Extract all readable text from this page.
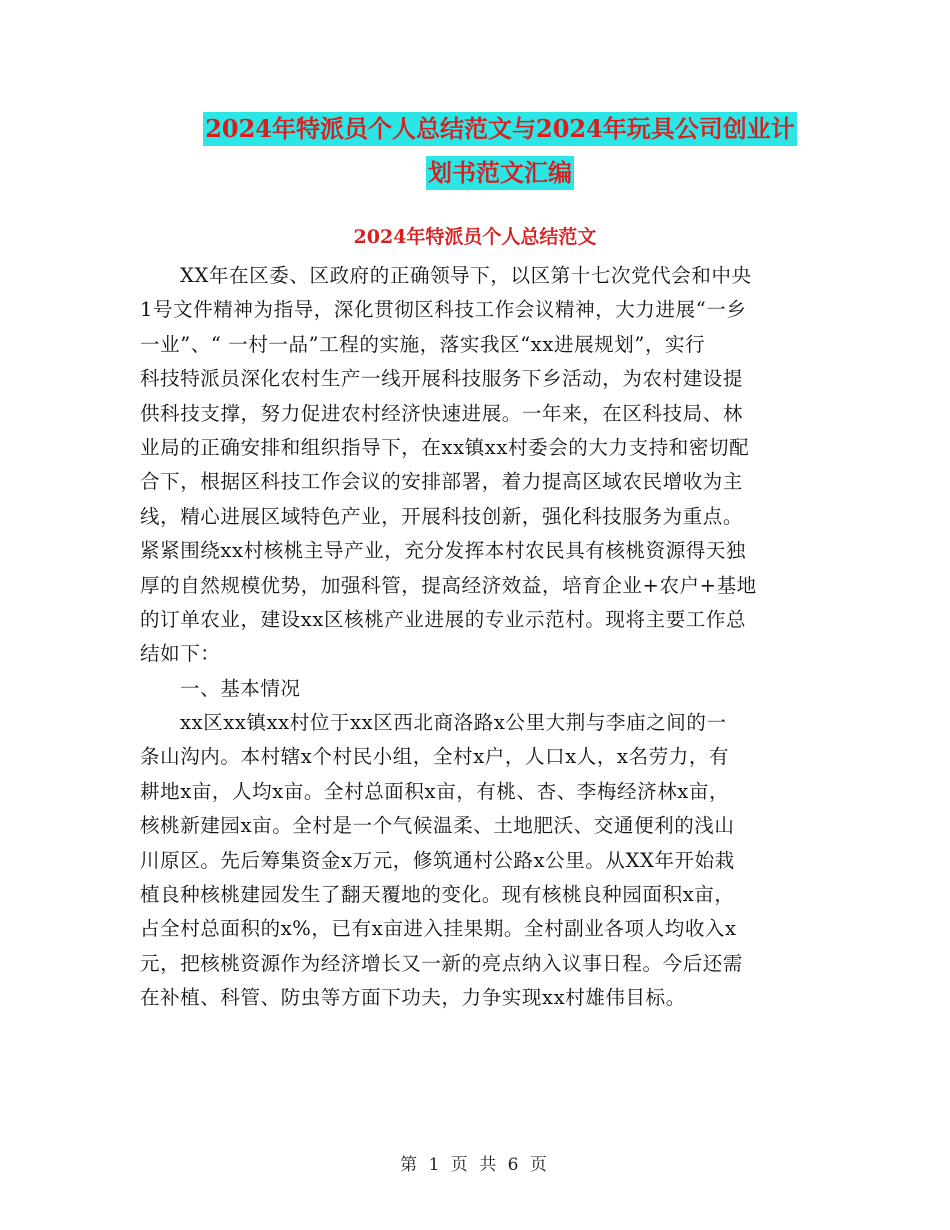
2024年特派员个人总结范文与2024年玩具公司创业计
划书范文汇编
2024年特派员个人总结范文
XX年在区委、区政府的正确领导下，以区第十七次党代会和中央
1号文件精神为指导，深化贯彻区科技工作会议精神，大力进展“一乡
一业”、“ 一村一品”工程的实施，落实我区“xx进展规划”，实行
科技特派员深化农村生产一线开展科技服务下乡活动，为农村建设提
供科技支撑，努力促进农村经济快速进展。一年来，在区科技局、林
业局的正确安排和组织指导下，在xx镇xx村委会的大力支持和密切配
合下，根据区科技工作会议的安排部署，着力提高区域农民增收为主
线，精心进展区域特色产业，开展科技创新，强化科技服务为重点。
紧紧围绕xx村核桃主导产业，充分发挥本村农民具有核桃资源得天独
厚的自然规模优势，加强科管，提高经济效益，培育企业+农户+基地
的订单农业，建设xx区核桃产业进展的专业示范村。现将主要工作总
结如下：
一、基本情况
xx区xx镇xx村位于xx区西北商洛路x公里大荆与李庙之间的一
条山沟内。本村辖x个村民小组，全村x户，人口x人，x名劳力，有
耕地x亩，人均x亩。全村总面积x亩，有桃、杏、李梅经济林x亩，
核桃新建园x亩。全村是一个气候温柔、土地肥沃、交通便利的浅山
川原区。先后筹集资金x万元，修筑通村公路x公里。从XX年开始栽
植良种核桃建园发生了翻天覆地的变化。现有核桃良种园面积x亩，
占全村总面积的x%，已有x亩进入挂果期。全村副业各项人均收入x
元，把核桃资源作为经济增长又一新的亮点纳入议事日程。今后还需
在补植、科管、防虫等方面下功夫，力争实现xx村雄伟目标。
第 1 页 共 6 页
